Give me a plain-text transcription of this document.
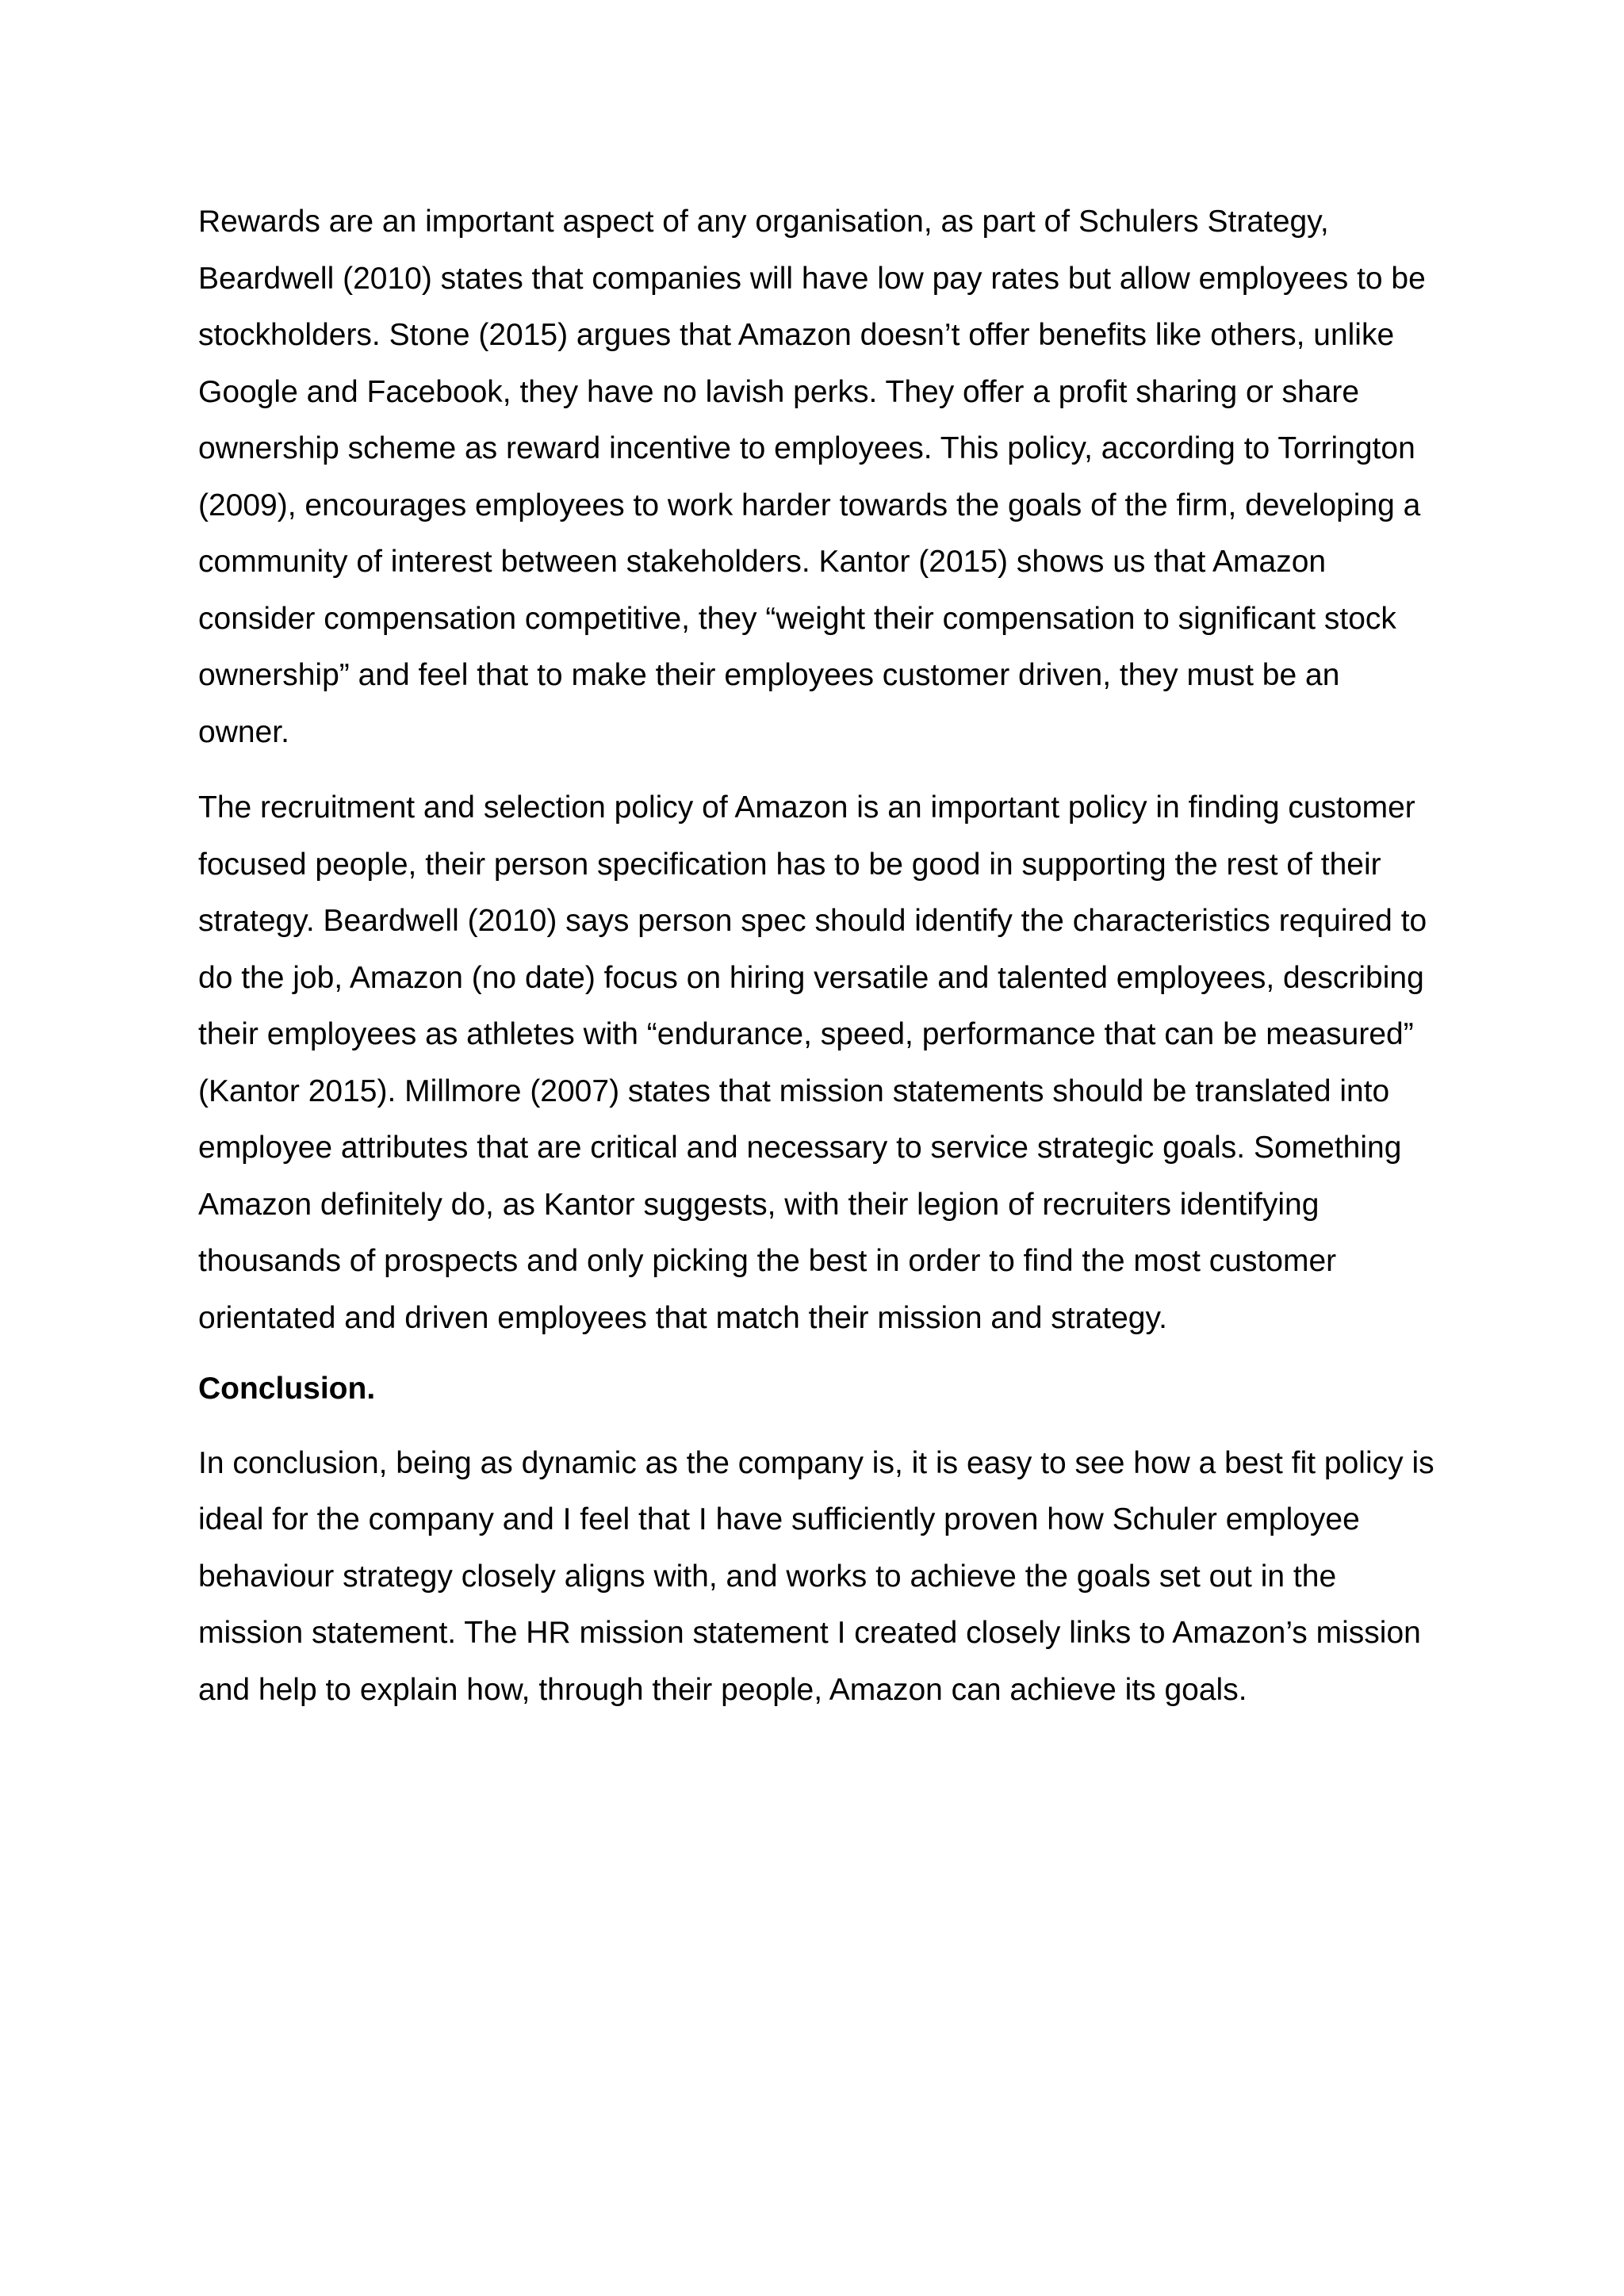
Rewards are an important aspect of any organisation, as part of Schulers Strategy, Beardwell (2010) states that companies will have low pay rates but allow employees to be stockholders. Stone (2015) argues that Amazon doesn’t offer benefits like others, unlike Google and Facebook, they have no lavish perks. They offer a profit sharing or share ownership scheme as reward incentive to employees. This policy, according to Torrington (2009), encourages employees to work harder towards the goals of the firm, developing a community of interest between stakeholders. Kantor (2015) shows us that Amazon consider compensation competitive, they “weight their compensation to significant stock ownership” and feel that to make their employees customer driven, they must be an owner.

The recruitment and selection policy of Amazon is an important policy in finding customer focused people, their person specification has to be good in supporting the rest of their strategy. Beardwell (2010) says person spec should identify the characteristics required to do the job, Amazon (no date) focus on hiring versatile and talented employees, describing their employees as athletes with “endurance, speed, performance that can be measured” (Kantor 2015). Millmore (2007) states that mission statements should be translated into employee attributes that are critical and necessary to service strategic goals. Something Amazon definitely do, as Kantor suggests, with their legion of recruiters identifying thousands of prospects and only picking the best in order to find the most customer orientated and driven employees that match their mission and strategy.

Conclusion.

In conclusion, being as dynamic as the company is, it is easy to see how a best fit policy is ideal for the company and I feel that I have sufficiently proven how Schuler employee behaviour strategy closely aligns with, and works to achieve the goals set out in the mission statement. The HR mission statement I created closely links to Amazon’s mission and help to explain how, through their people, Amazon can achieve its goals.
